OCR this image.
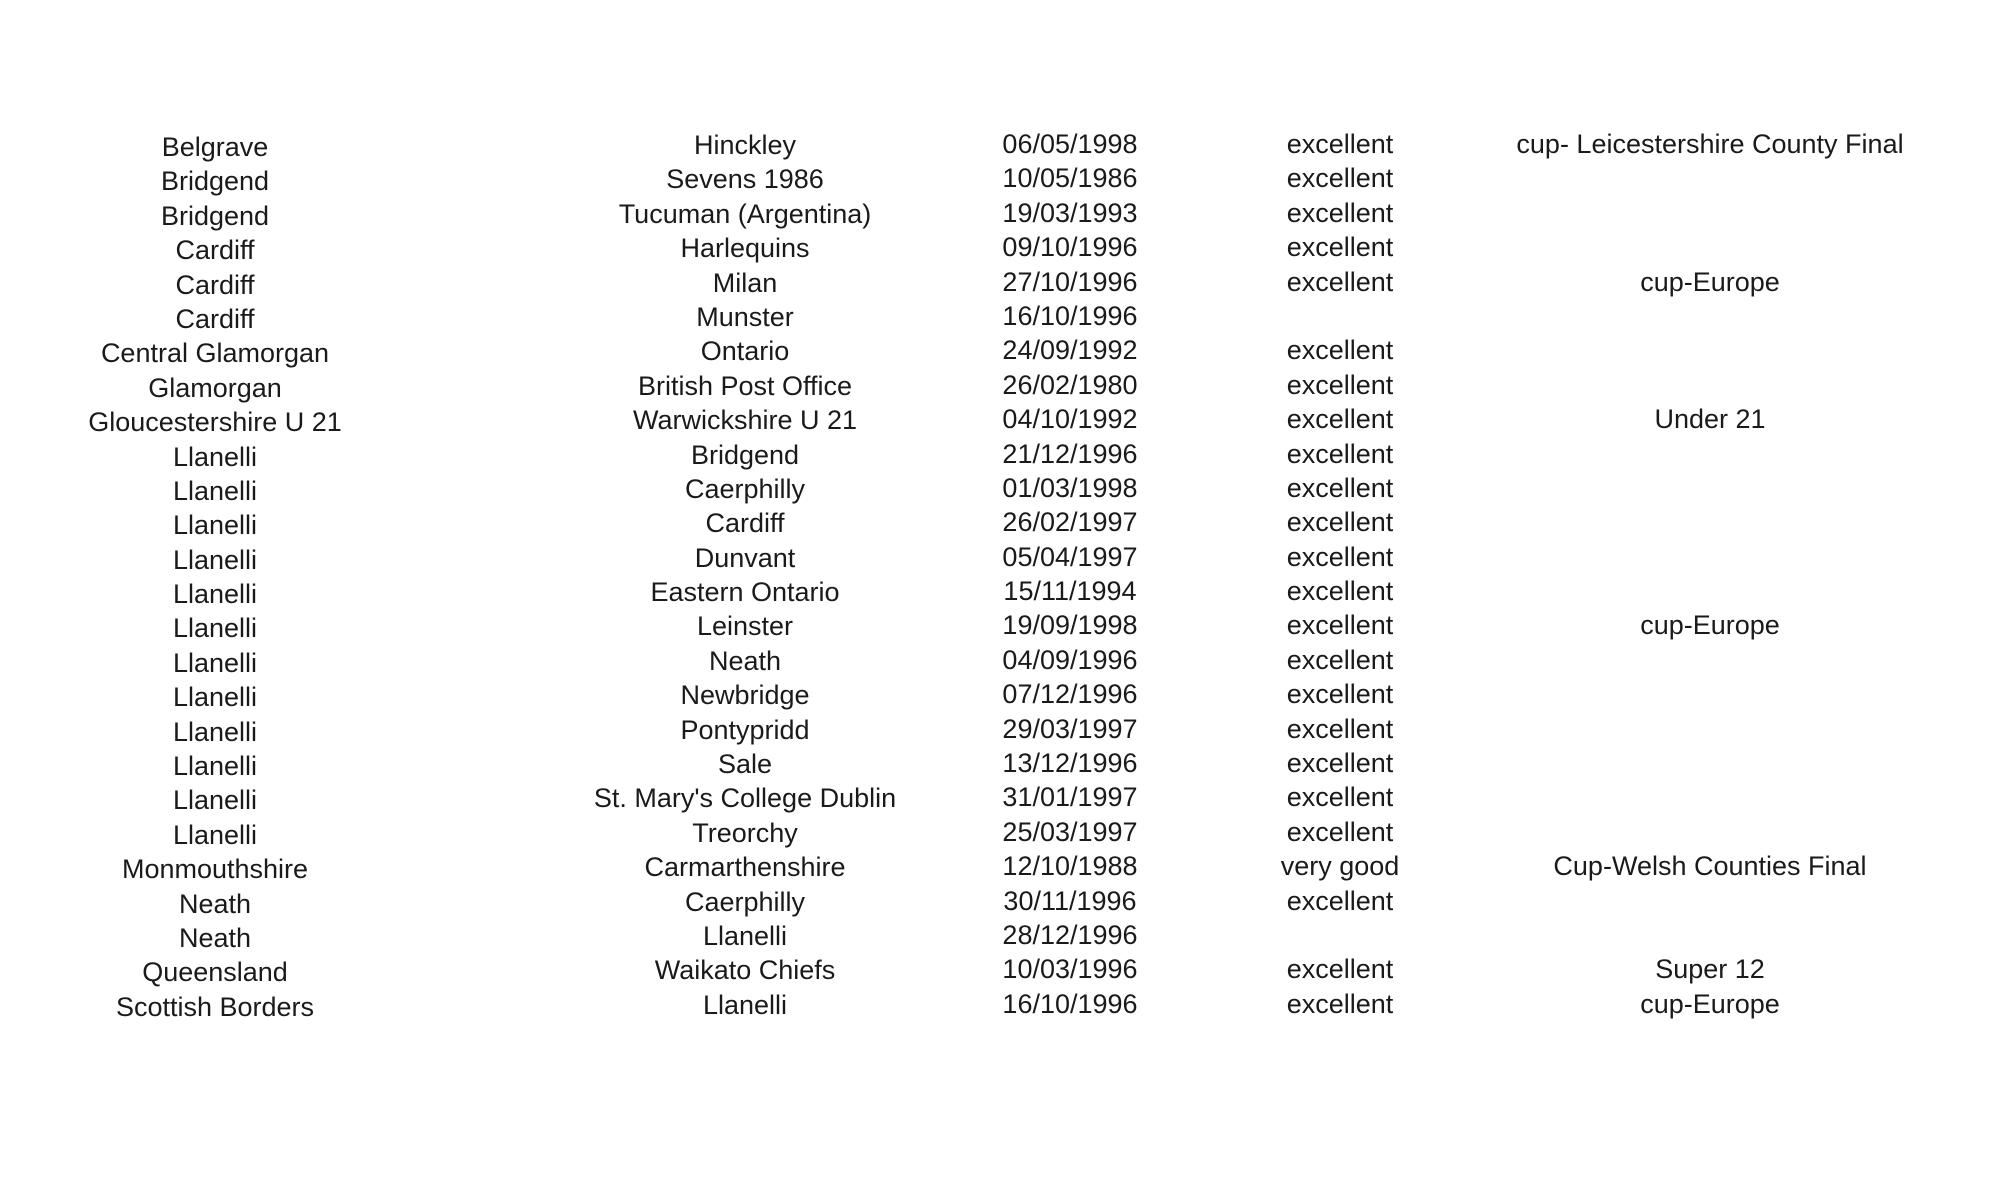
Belgrave	Hinckley	06/05/1998	excellent	cup- Leicestershire County Final
Bridgend	Sevens 1986	10/05/1986	excellent
Bridgend	Tucuman (Argentina)	19/03/1993	excellent
Cardiff	Harlequins	09/10/1996	excellent
Cardiff	Milan	27/10/1996	excellent	cup-Europe
Cardiff	Munster	16/10/1996
Central Glamorgan	Ontario	24/09/1992	excellent
Glamorgan	British Post Office	26/02/1980	excellent
Gloucestershire U 21	Warwickshire U 21	04/10/1992	excellent	Under 21
Llanelli	Bridgend	21/12/1996	excellent
Llanelli	Caerphilly	01/03/1998	excellent
Llanelli	Cardiff	26/02/1997	excellent
Llanelli	Dunvant	05/04/1997	excellent
Llanelli	Eastern Ontario	15/11/1994	excellent
Llanelli	Leinster	19/09/1998	excellent	cup-Europe
Llanelli	Neath	04/09/1996	excellent
Llanelli	Newbridge	07/12/1996	excellent
Llanelli	Pontypridd	29/03/1997	excellent
Llanelli	Sale	13/12/1996	excellent
Llanelli	St. Mary's College Dublin	31/01/1997	excellent
Llanelli	Treorchy	25/03/1997	excellent
Monmouthshire	Carmarthenshire	12/10/1988	very good	Cup-Welsh Counties Final
Neath	Caerphilly	30/11/1996	excellent
Neath	Llanelli	28/12/1996
Queensland	Waikato Chiefs	10/03/1996	excellent	Super 12
Scottish Borders	Llanelli	16/10/1996	excellent	cup-Europe
